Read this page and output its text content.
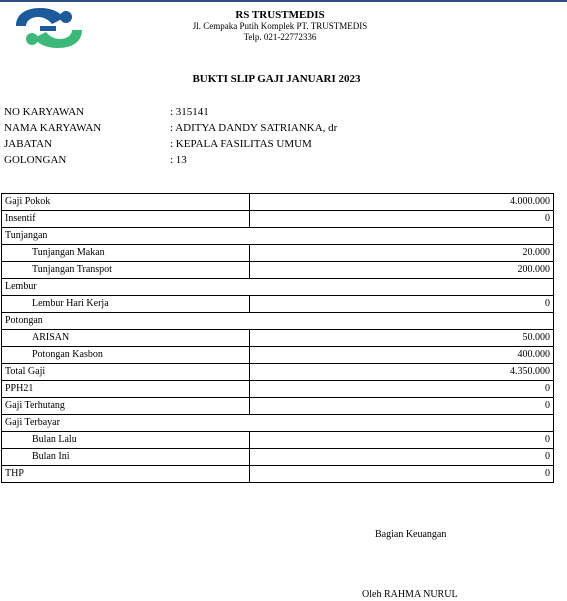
RS TRUSTMEDIS
Jl. Cempaka Putih Komplek PT. TRUSTMEDIS
Telp. 021-22772336
BUKTI SLIP GAJI JANUARI 2023
NO KARYAWAN	: 315141
NAMA KARYAWAN	: ADITYA DANDY SATRIANKA, dr
JABATAN	: KEPALA FASILITAS UMUM
GOLONGAN	: 13
Gaji Pokok	4.000.000
Insentif	0
Tunjangan	
Tunjangan Makan	20.000
Tunjangan Transpot	200.000
Lembur	
Lembur Hari Kerja	0
Potongan	
ARISAN	50.000
Potongan Kasbon	400.000
Total Gaji	4.350.000
PPH21	0
Gaji Terhutang	0
Gaji Terbayar	
Bulan Lalu	0
Bulan Ini	0
THP	0
Bagian Keuangan
Oleh RAHMA NURUL
